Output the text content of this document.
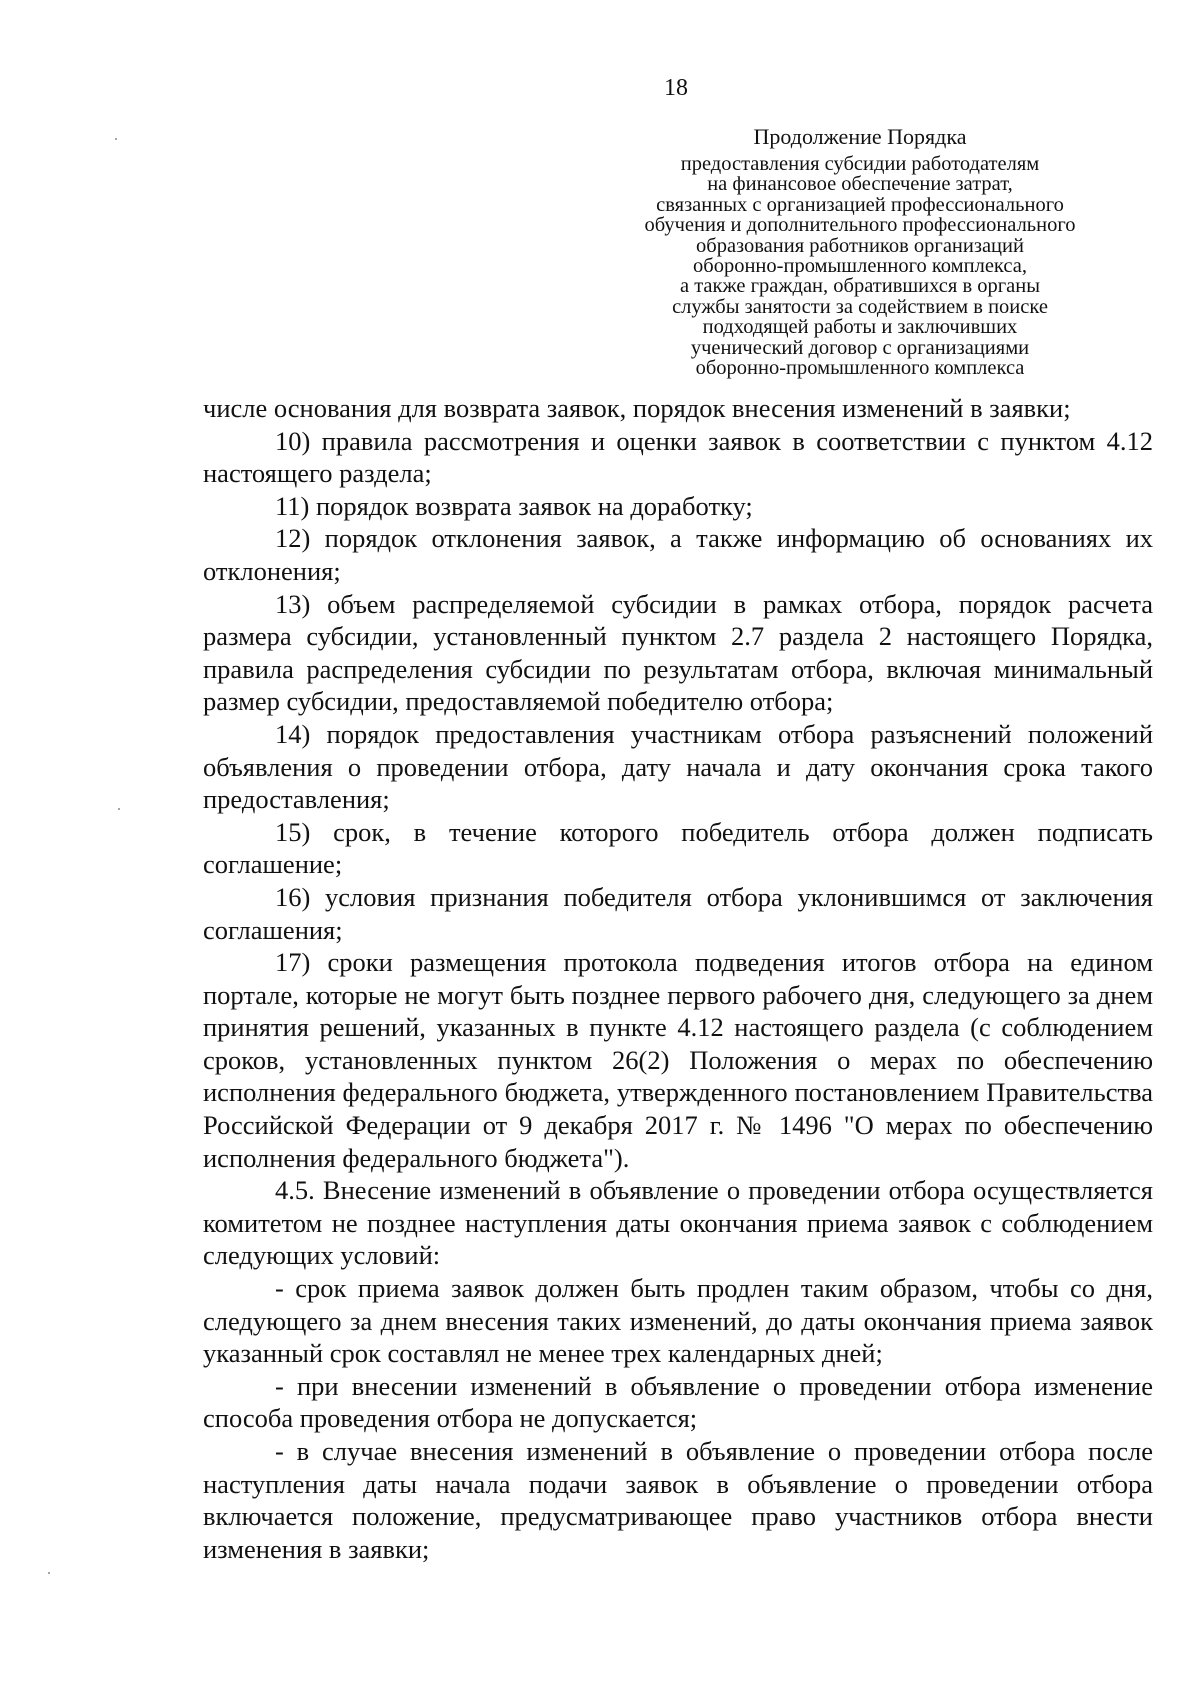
18
Продолжение Порядка
предоставления субсидии работодателям
на финансовое обеспечение затрат,
связанных с организацией профессионального
обучения и дополнительного профессионального
образования работников организаций
оборонно-промышленного комплекса,
а также граждан, обратившихся в органы
службы занятости за содействием в поиске
подходящей работы и заключивших
ученический договор с организациями
оборонно-промышленного комплекса

числе основания для возврата заявок, порядок внесения изменений в заявки;

10) правила рассмотрения и оценки заявок в соответствии с пунктом 4.12 настоящего раздела;

11) порядок возврата заявок на доработку;

12) порядок отклонения заявок, а также информацию об основаниях их отклонения;

13) объем распределяемой субсидии в рамках отбора, порядок расчета размера субсидии, установленный пунктом 2.7 раздела 2 настоящего Порядка, правила распределения субсидии по результатам отбора, включая минимальный размер субсидии, предоставляемой победителю отбора;

14) порядок предоставления участникам отбора разъяснений положений объявления о проведении отбора, дату начала и дату окончания срока такого предоставления;

15) срок, в течение которого победитель отбора должен подписать соглашение;

16) условия признания победителя отбора уклонившимся от заключения соглашения;

17) сроки размещения протокола подведения итогов отбора на едином портале, которые не могут быть позднее первого рабочего дня, следующего за днем принятия решений, указанных в пункте 4.12 настоящего раздела (с соблюдением сроков, установленных пунктом 26(2) Положения о мерах по обеспечению исполнения федерального бюджета, утвержденного постановлением Правительства Российской Федерации от 9 декабря 2017 г. № 1496 "О мерах по обеспечению исполнения федерального бюджета").

4.5. Внесение изменений в объявление о проведении отбора осуществляется комитетом не позднее наступления даты окончания приема заявок с соблюдением следующих условий:

- срок приема заявок должен быть продлен таким образом, чтобы со дня, следующего за днем внесения таких изменений, до даты окончания приема заявок указанный срок составлял не менее трех календарных дней;

- при внесении изменений в объявление о проведении отбора изменение способа проведения отбора не допускается;

- в случае внесения изменений в объявление о проведении отбора после наступления даты начала подачи заявок в объявление о проведении отбора включается положение, предусматривающее право участников отбора внести изменения в заявки;
